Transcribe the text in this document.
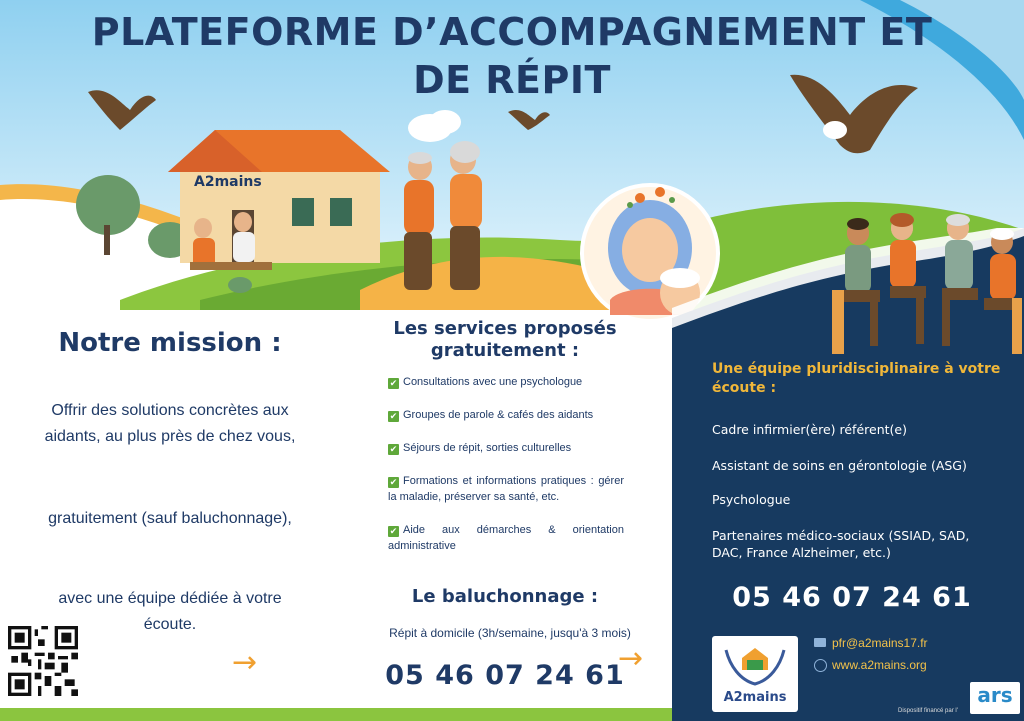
PLATEFORME D’ACCOMPAGNEMENT ET
DE RÉPIT
A2mains
Notre mission :
Offrir des solutions concrètes aux aidants, au plus près de chez vous,
gratuitement (sauf baluchonnage),
avec une équipe dédiée à votre écoute.
→
Les services proposés gratuitement :
✔ Consultations avec une psychologue
✔ Groupes de parole & cafés des aidants
✔ Séjours de répit, sorties culturelles
✔ Formations et informations pratiques : gérer la maladie, préserver sa santé, etc.
✔ Aide aux démarches & orientation administrative
Le baluchonnage :
Répit à domicile (3h/semaine, jusqu'à 3 mois)
05 46 07 24 61
→
Une équipe pluridisciplinaire à votre écoute :
Cadre infirmier(ère) référent(e)
Assistant de soins en gérontologie (ASG)
Psychologue
Partenaires médico-sociaux (SSIAD, SAD, DAC, France Alzheimer, etc.)
05 46 07 24 61
A2mains
pfr@a2mains17.fr
www.a2mains.org
ars
Dispositif financé par l'
